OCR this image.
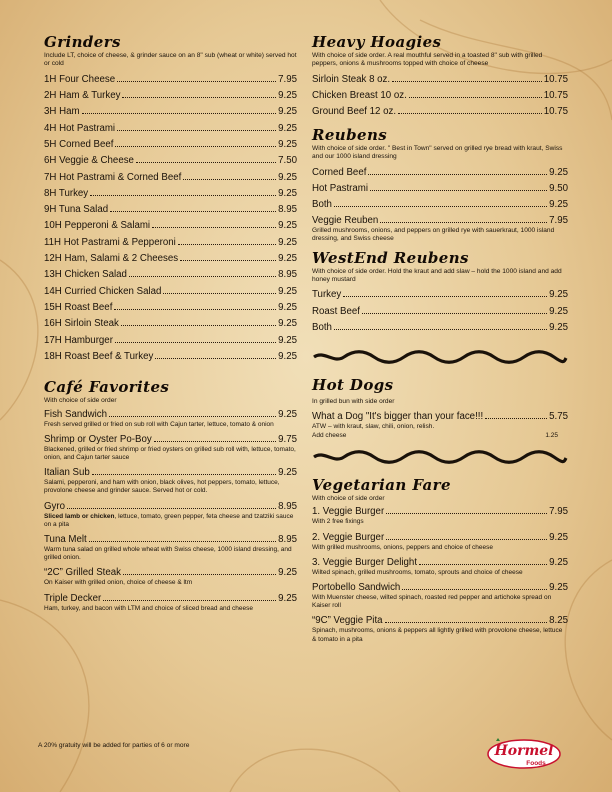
Grinders
Include LT, choice of cheese, & grinder sauce on an 8" sub (wheat or white) served hot or cold
1H Four Cheese	7.95
2H Ham & Turkey	9.25
3H Ham	9.25
4H Hot Pastrami	9.25
5H Corned Beef	9.25
6H Veggie & Cheese	7.50
7H Hot Pastrami & Corned Beef	9.25
8H Turkey	9.25
9H Tuna Salad	8.95
10H Pepperoni & Salami	9.25
11H Hot Pastrami & Pepperoni	9.25
12H Ham, Salami & 2 Cheeses	9.25
13H Chicken Salad	8.95
14H Curried Chicken Salad	9.25
15H Roast Beef	9.25
16H Sirloin Steak	9.25
17H Hamburger	9.25
18H Roast Beef & Turkey	9.25
Café Favorites
With choice of side order
Fish Sandwich	9.25
Fresh served grilled or fried on sub roll with Cajun tarter, lettuce, tomato & onion
Shrimp or Oyster Po-Boy	9.75
Blackened, grilled or fried shrimp or fried oysters on grilled sub roll with, lettuce, tomato, onion, and Cajun tarter sauce
Italian Sub	9.25
Salami, pepperoni, and ham with onion, black olives, hot peppers, tomato, lettuce, provolone cheese and grinder sauce. Served hot or cold.
Gyro	8.95
Sliced lamb or chicken, lettuce, tomato, green pepper, feta cheese and tzatziki sauce on a pita
Tuna Melt	8.95
Warm tuna salad on grilled whole wheat with Swiss cheese, 1000 island dressing, and grilled onion.
“2C” Grilled Steak	9.25
On Kaiser with grilled onion, choice of cheese & ltm
Triple Decker	9.25
Ham, turkey, and bacon with LTM and choice of sliced bread and cheese
Heavy Hoagies
With choice of side order. A real mouthful served in a toasted 8" sub with grilled peppers, onions & mushrooms topped with choice of cheese
Sirloin Steak 8 oz.	10.75
Chicken Breast 10 oz.	10.75
Ground Beef 12 oz.	10.75
Reubens
With choice of side order. " Best in Town" served on grilled rye bread with kraut, Swiss and our 1000 island dressing
Corned Beef	9.25
Hot Pastrami	9.50
Both	9.25
Veggie Reuben	7.95
Grilled mushrooms, onions, and peppers on grilled rye with sauerkraut, 1000 island dressing, and Swiss cheese
WestEnd Reubens
With choice of side order. Hold the kraut and add slaw – hold the 1000 island and add honey mustard
Turkey	9.25
Roast Beef	9.25
Both	9.25
Hot Dogs
In grilled bun with side order
What a Dog "It's bigger than your face!!!	5.75
ATW – with kraut, slaw, chili, onion, relish.
Add cheese	1.25
Vegetarian Fare
With choice of side order
1. Veggie Burger	7.95
With 2 free fixings
2. Veggie Burger	9.25
With grilled mushrooms, onions, peppers and choice of cheese
3. Veggie Burger Delight	9.25
Wilted spinach, grilled mushrooms, tomato, sprouts and choice of cheese
Portobello Sandwich	9.25
With Muenster cheese, wilted spinach, roasted red pepper and artichoke spread on Kaiser roll
“9C” Veggie Pita	8.25
Spinach, mushrooms, onions & peppers all lightly grilled with provolone cheese, lettuce & tomato in a pita
A 20% gratuity will be added for parties of 6 or more	Hormel
Foods
